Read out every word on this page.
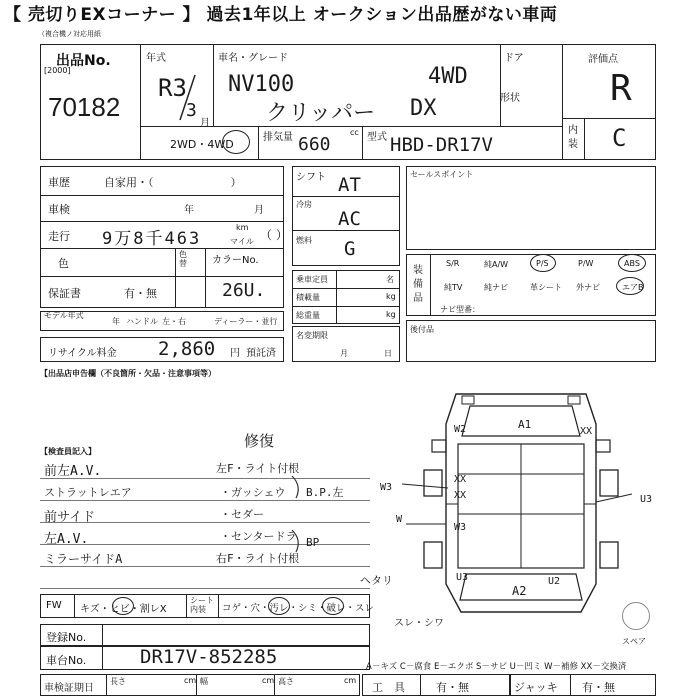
【 売切りEXコーナー 】 過去1年以上 オークション出品歴がない車両
（複合機ノ対応用紙
出品No.
[2000]
70182
年式
R3
3
月
車名・グレード
NV100	4WD
クリッパー DX
ドア
形状
2WD・4WD
排気量 660
cc 型式 HBD-DR17V
評価点
R
内装 C
車歴	自家用・（　　　　　　　）
車検	年	月
走行 9万8千463
km
マイル （ ）
色
色替	カラーNo.
保証書	有・無	26U.
モデル年式
年 ハンドル 左・右	ディーラー・並行
リサイクル料金 2,860 円 預託済
シフト AT
冷房
AC
燃料 G
乗車定員	名
積載量	kg
総重量	kg
名変期限
月	日
セールスポイント
装備品
S/R	純A/W	P/S	P/W	ABS
純TV	純ナビ	革シート 外ナビ	エアB
ナビ型番：
後付品
【出品店申告欄（不良箇所・欠品・注意事項等）
【検査員記入】
修復
前左A.V.	左F・ライト付根
ストラットレエア	・ガッシェウ
前サイド	・セダー
左A.V.	・センタードラ
ミラーサイドA	右F・ライト付根
B.P.左
BP
FW キズ・ヒビ・割レX
シート内装	コゲ・穴・汚レ・シミ・破レ・スレ
ヘタリ
スレ・シワ
登録No.
車台No.	DR17V-852285
車検証期日
長さ	cm 幅	cm 高さ	cm
工　具	有・無	ジャッキ 有・無
A－キズ C－腐食 E－エクボ S－サビ U－凹ミ W－補修 XX－交換済
スペア
A1
W2	XX
W3
XX
XX
W
U3
A2
U2
U3
W3
